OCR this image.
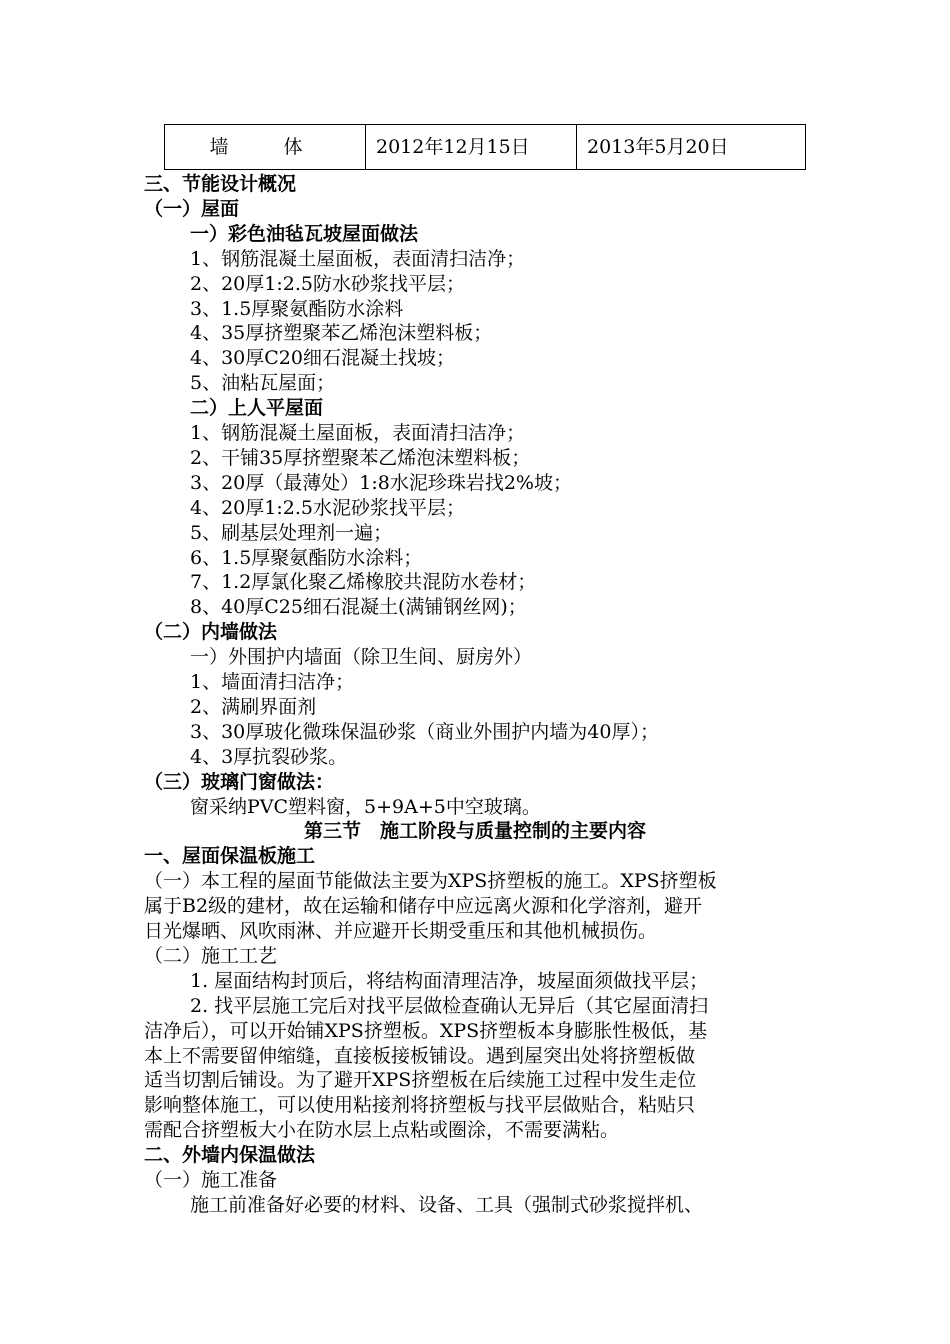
墙　体	2012年12月15日	2013年5月20日
三、节能设计概况
（一）屋面
一）彩色油毡瓦坡屋面做法
1、钢筋混凝土屋面板，表面清扫洁净；
2、20厚1:2.5防水砂浆找平层；
3、1.5厚聚氨酯防水涂料
4、35厚挤塑聚苯乙烯泡沫塑料板；
4、30厚C20细石混凝土找坡；
5、油粘瓦屋面；
二）上人平屋面
1、钢筋混凝土屋面板，表面清扫洁净；
2、干铺35厚挤塑聚苯乙烯泡沫塑料板；
3、20厚（最薄处）1:8水泥珍珠岩找2%坡；
4、20厚1:2.5水泥砂浆找平层；
5、刷基层处理剂一遍；
6、1.5厚聚氨酯防水涂料；
7、1.2厚氯化聚乙烯橡胶共混防水卷材；
8、40厚C25细石混凝土(满铺钢丝网)；
（二）内墙做法
一）外围护内墙面（除卫生间、厨房外）
1、墙面清扫洁净；
2、满刷界面剂
3、30厚玻化微珠保温砂浆（商业外围护内墙为40厚）；
4、3厚抗裂砂浆。
（三）玻璃门窗做法：
窗采纳PVC塑料窗，5+9A+5中空玻璃。
第三节　施工阶段与质量控制的主要内容
一、屋面保温板施工
（一）本工程的屋面节能做法主要为XPS挤塑板的施工。XPS挤塑板
属于B2级的建材，故在运输和储存中应远离火源和化学溶剂，避开
日光爆晒、风吹雨淋、并应避开长期受重压和其他机械损伤。
（二）施工工艺
1. 屋面结构封顶后，将结构面清理洁净，坡屋面须做找平层；
2. 找平层施工完后对找平层做检查确认无异后（其它屋面清扫
洁净后），可以开始铺XPS挤塑板。XPS挤塑板本身膨胀性极低，基
本上不需要留伸缩缝，直接板接板铺设。遇到屋突出处将挤塑板做
适当切割后铺设。为了避开XPS挤塑板在后续施工过程中发生走位
影响整体施工，可以使用粘接剂将挤塑板与找平层做贴合，粘贴只
需配合挤塑板大小在防水层上点粘或圈涂，不需要满粘。
二、外墙内保温做法
（一）施工准备
施工前准备好必要的材料、设备、工具（强制式砂浆搅拌机、
